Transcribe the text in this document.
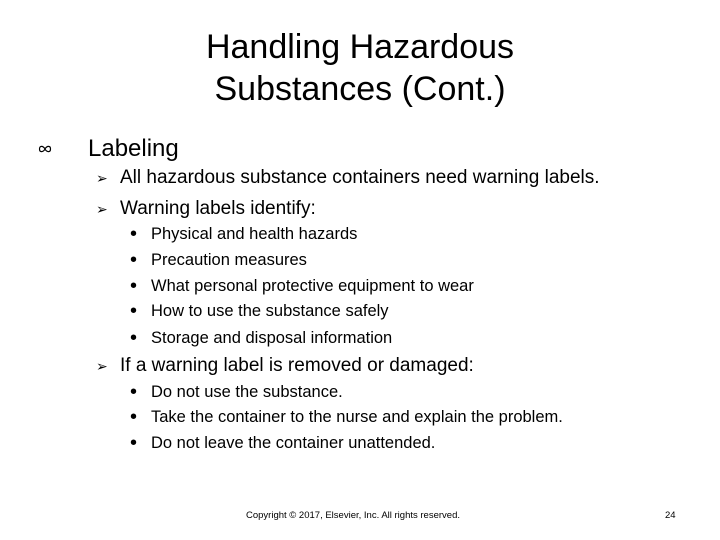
Handling Hazardous
Substances (Cont.)
Labeling
➢ All hazardous substance containers need warning labels.
➢ Warning labels identify:
• Physical and health hazards
• Precaution measures
• What personal protective equipment to wear
• How to use the substance safely
• Storage and disposal information
➢ If a warning label is removed or damaged:
• Do not use the substance.
• Take the container to the nurse and explain the problem.
• Do not leave the container unattended.
Copyright © 2017, Elsevier, Inc. All rights reserved.	24
